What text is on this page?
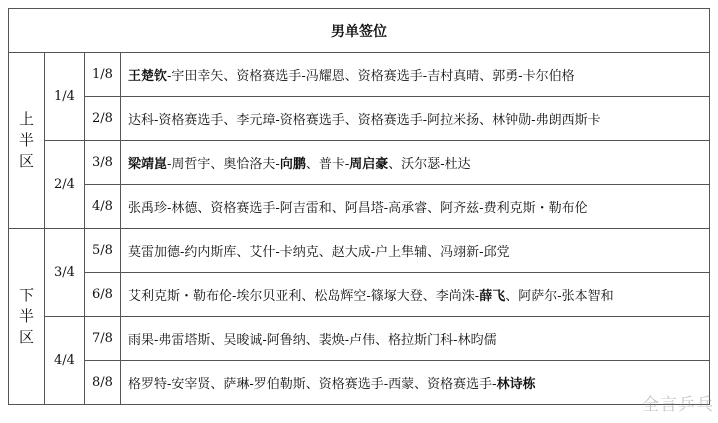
男单签位			

上
半
区	1/4	1/8	王楚钦-宇田幸矢、资格赛选手-冯耀恩、资格赛选手-吉村真晴、郭勇-卡尔伯格
		2/8	达科-资格赛选手、李元璋-资格赛选手、资格赛选手-阿拉米扬、林钟勋-弗朗西斯卡
	2/4	3/8	梁靖崑-周哲宇、奥恰洛夫-向鹏、普卡-周启豪、沃尔瑟-杜达
		4/8	张禹珍-林德、资格赛选手-阿吉雷和、阿昌塔-高承睿、阿齐兹-费利克斯・勒布伦

下
半
区	3/4	5/8	莫雷加德-约内斯库、艾什-卡纳克、赵大成-户上隼辅、冯翊新-邱党
		6/8	艾利克斯・勒布伦-埃尔贝亚利、松岛辉空-篠塚大登、李尚洙-薛飞、阿萨尔-张本智和
	4/4	7/8	雨果-弗雷塔斯、吴晙诚-阿鲁纳、裴焕-卢伟、格拉斯门科-林昀儒
		8/8	格罗特-安宰贤、萨琳-罗伯勒斯、资格赛选手-西蒙、资格赛选手-林诗栋
全言乒乓
